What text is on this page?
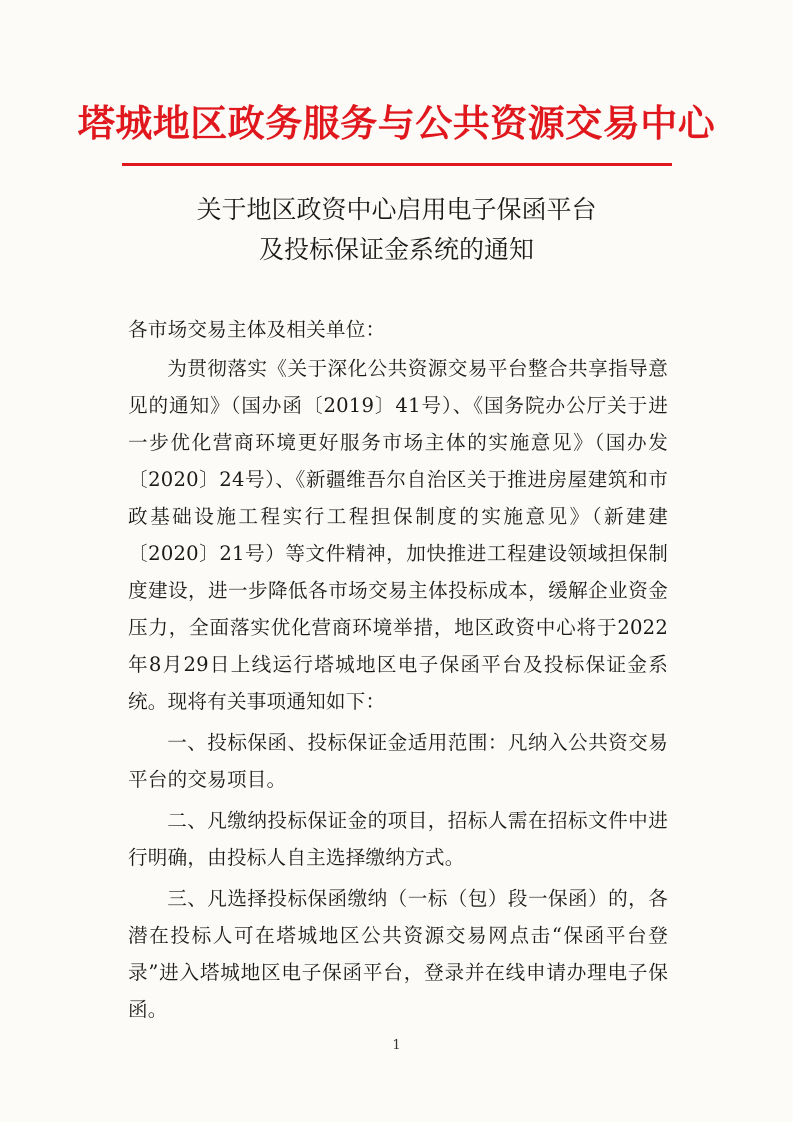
塔城地区政务服务与公共资源交易中心
关于地区政资中心启用电子保函平台
及投标保证金系统的通知

各市场交易主体及相关单位：

为贯彻落实《关于深化公共资源交易平台整合共享指导意见的通知》（国办函〔2019〕41号）、《国务院办公厅关于进一步优化营商环境更好服务市场主体的实施意见》（国办发〔2020〕24号）、《新疆维吾尔自治区关于推进房屋建筑和市政基础设施工程实行工程担保制度的实施意见》（新建建〔2020〕21号）等文件精神，加快推进工程建设领域担保制度建设，进一步降低各市场交易主体投标成本，缓解企业资金压力，全面落实优化营商环境举措，地区政资中心将于2022年8月29日上线运行塔城地区电子保函平台及投标保证金系统。现将有关事项通知如下：

一、投标保函、投标保证金适用范围：凡纳入公共资交易平台的交易项目。

二、凡缴纳投标保证金的项目，招标人需在招标文件中进行明确，由投标人自主选择缴纳方式。

三、凡选择投标保函缴纳（一标（包）段一保函）的，各潜在投标人可在塔城地区公共资源交易网点击“保函平台登录”进入塔城地区电子保函平台，登录并在线申请办理电子保函。

1
